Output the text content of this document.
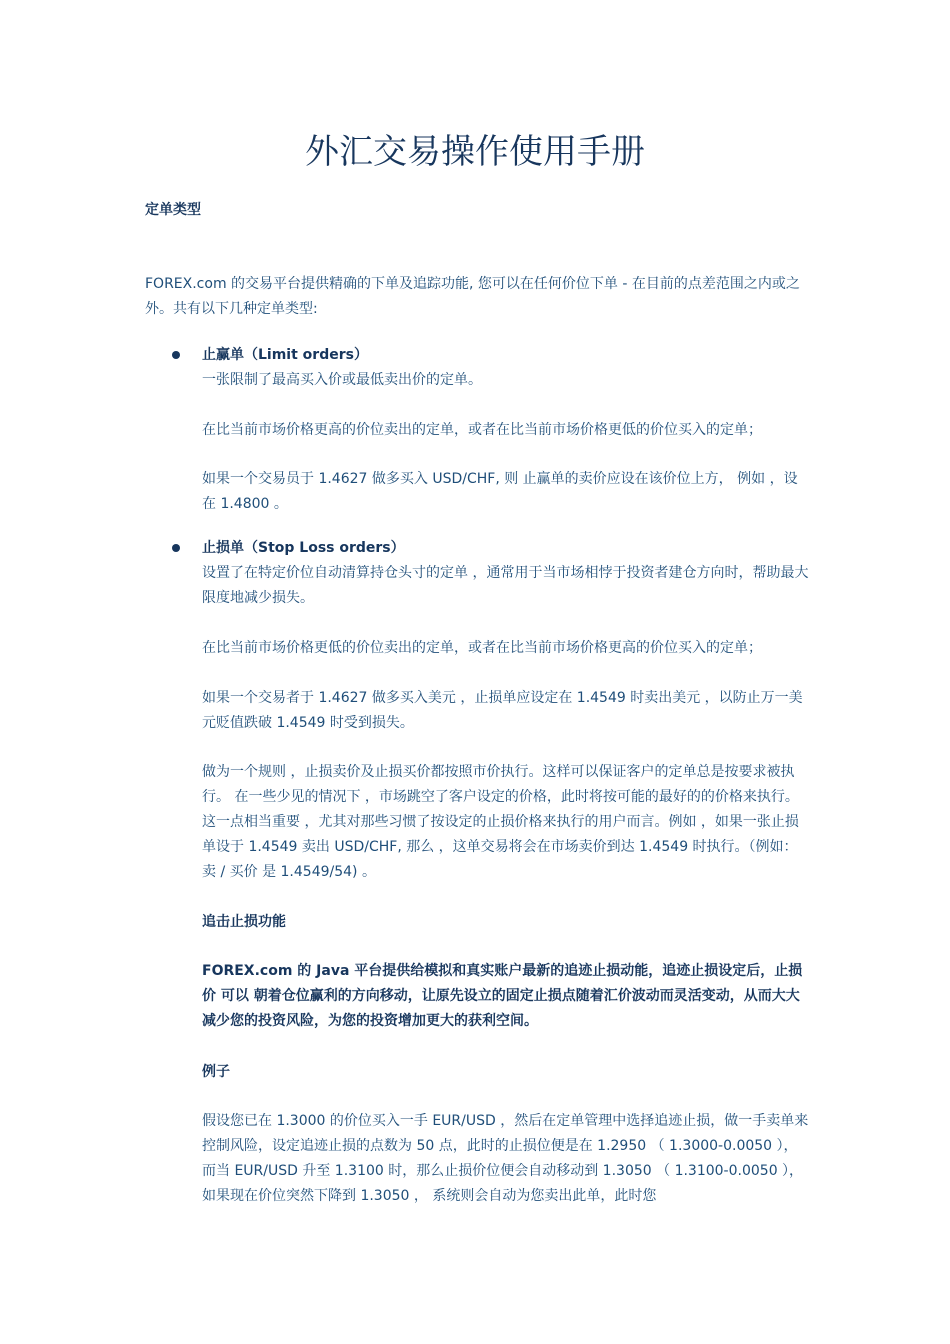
外汇交易操作使用手册
定单类型

FOREX.com 的交易平台提供精确的下单及追踪功能, 您可以在任何价位下单 - 在目前的点差范围之内或之外。共有以下几种定单类型:

止赢单（Limit orders）
一张限制了最高买入价或最低卖出价的定单。

在比当前市场价格更高的价位卖出的定单，或者在比当前市场价格更低的价位买入的定单；

如果一个交易员于 1.4627 做多买入 USD/CHF, 则 止赢单的卖价应设在该价位上方， 例如 ，设在 1.4800 。

止损单（Stop Loss orders）
设置了在特定价位自动清算持仓头寸的定单 ，通常用于当市场相悖于投资者建仓方向时，帮助最大限度地减少损失。

在比当前市场价格更低的价位卖出的定单，或者在比当前市场价格更高的价位买入的定单；

如果一个交易者于 1.4627 做多买入美元 ，止损单应设定在 1.4549 时卖出美元 ，以防止万一美元贬值跌破 1.4549 时受到损失。

做为一个规则 ，止损卖价及止损买价都按照市价执行。这样可以保证客户的定单总是按要求被执行。 在一些少见的情况下 ，市场跳空了客户设定的价格，此时将按可能的最好的的价格来执行。 这一点相当重要 ，尤其对那些习惯了按设定的止损价格来执行的用户而言。例如 ，如果一张止损单设于 1.4549 卖出 USD/CHF, 那么 ，这单交易将会在市场卖价到达 1.4549 时执行。（例如：卖 / 买价 是 1.4549/54) 。

追击止损功能

FOREX.com 的 Java 平台提供给模拟和真实账户最新的追迹止损动能，追迹止损设定后，止损价 可以 朝着仓位赢利的方向移动，让原先设立的固定止损点随着汇价波动而灵活变动，从而大大减少您的投资风险，为您的投资增加更大的获利空间。

例子

假设您已在 1.3000 的价位买入一手 EUR/USD ，然后在定单管理中选择追迹止损，做一手卖单来控制风险，设定追迹止损的点数为 50 点，此时的止损位便是在 1.2950 （ 1.3000-0.0050 ），而当 EUR/USD 升至 1.3100 时，那么止损价位便会自动移动到 1.3050 （ 1.3100-0.0050 ），如果现在价位突然下降到 1.3050 ， 系统则会自动为您卖出此单，此时您
